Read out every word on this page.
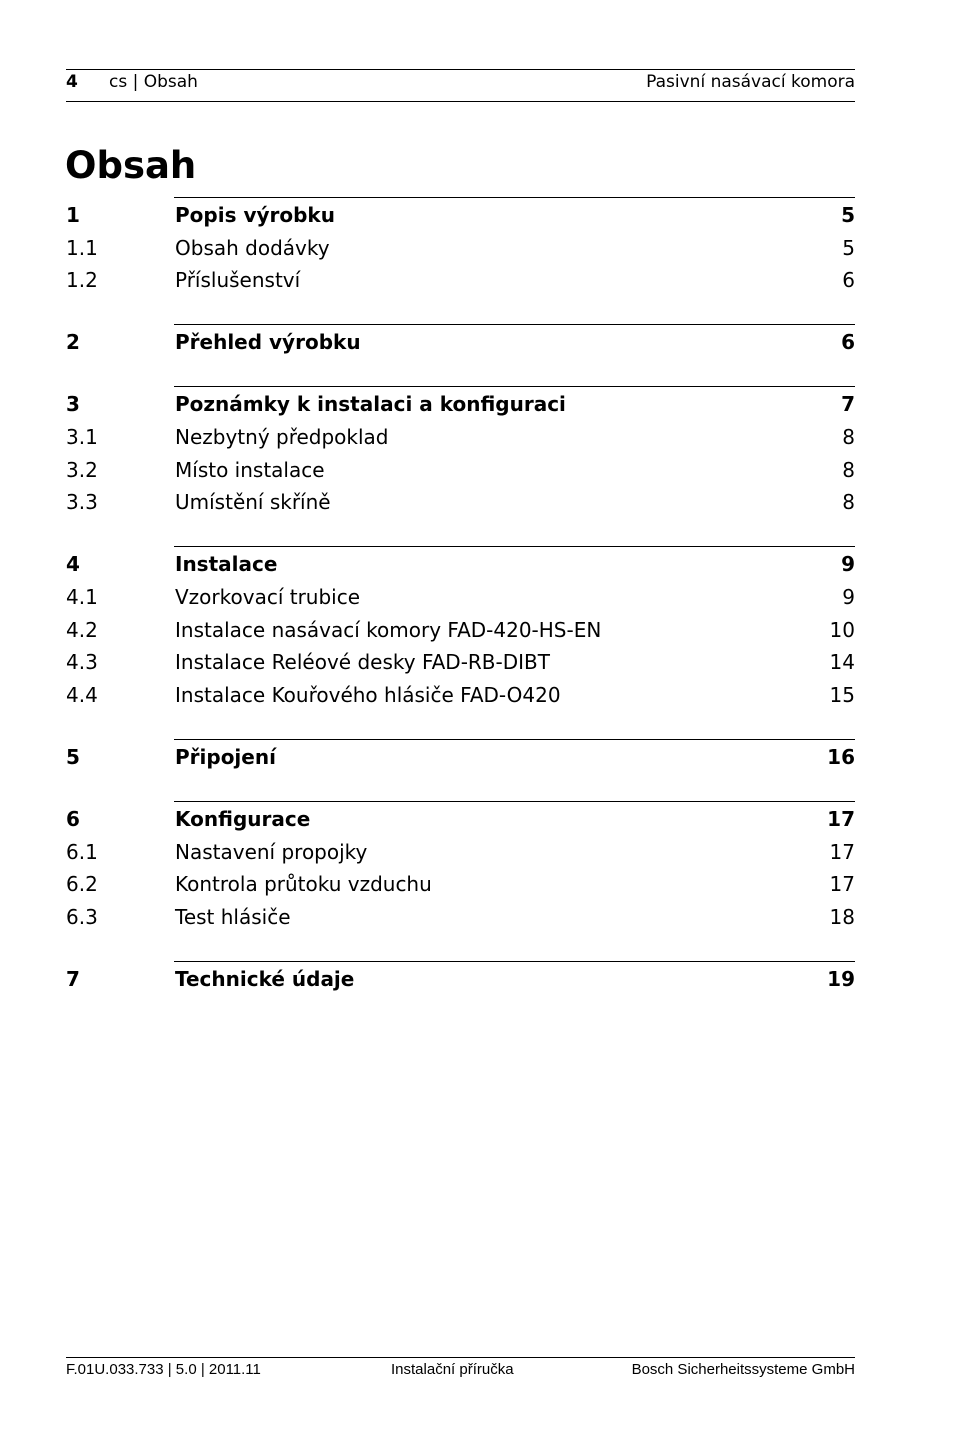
4 cs | Obsah	Pasivní nasávací komora
Obsah
1	Popis výrobku	5
1.1	Obsah dodávky	5
1.2	Příslušenství	6
2	Přehled výrobku	6
3	Poznámky k instalaci a konfiguraci	7
3.1	Nezbytný předpoklad	8
3.2	Místo instalace	8
3.3	Umístění skříně	8
4	Instalace	9
4.1	Vzorkovací trubice	9
4.2	Instalace nasávací komory FAD-420-HS-EN	10
4.3	Instalace Reléové desky FAD-RB-DIBT	14
4.4	Instalace Kouřového hlásiče FAD-O420	15
5	Připojení	16
6	Konfigurace	17
6.1	Nastavení propojky	17
6.2	Kontrola průtoku vzduchu	17
6.3	Test hlásiče	18
7	Technické údaje	19
F.01U.033.733 | 5.0 | 2011.11	Instalační příručka	Bosch Sicherheitssysteme GmbH
